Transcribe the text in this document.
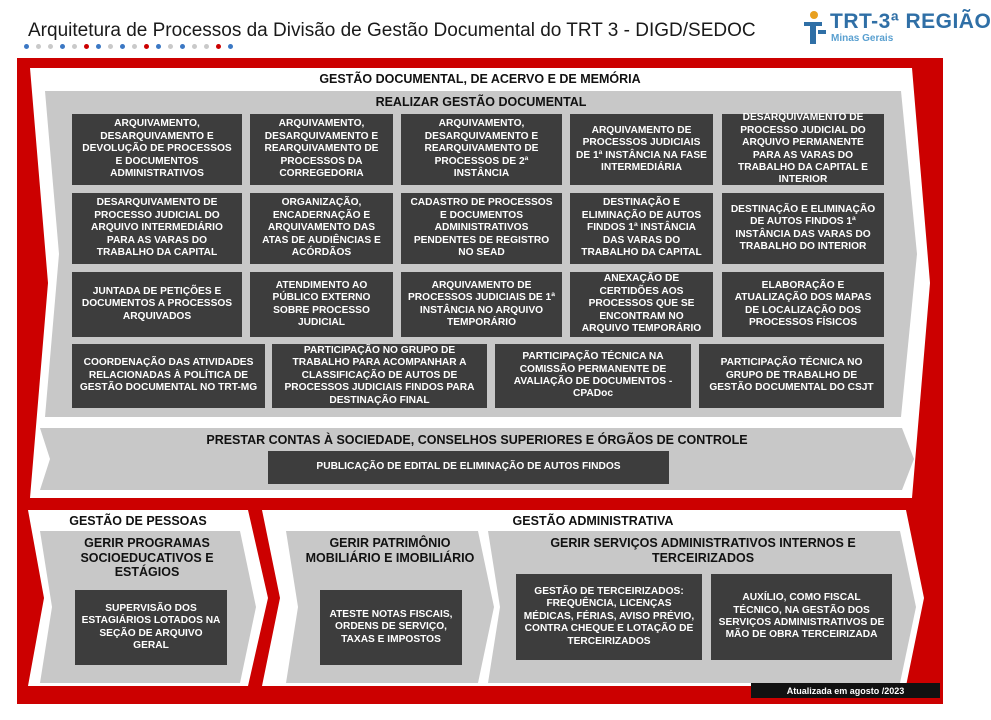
Arquitetura de Processos da Divisão de Gestão Documental do TRT 3 - DIGD/SEDOC	TRT-3ª REGIÃO
Minas Gerais
GESTÃO DOCUMENTAL, DE ACERVO E DE MEMÓRIA
REALIZAR GESTÃO DOCUMENTAL
ARQUIVAMENTO, DESARQUIVAMENTO E DEVOLUÇÃO DE PROCESSOS E DOCUMENTOS ADMINISTRATIVOS
ARQUIVAMENTO, DESARQUIVAMENTO E REARQUIVAMENTO DE PROCESSOS DA CORREGEDORIA
ARQUIVAMENTO, DESARQUIVAMENTO E REARQUIVAMENTO DE PROCESSOS DE 2ª INSTÂNCIA
ARQUIVAMENTO DE PROCESSOS JUDICIAIS DE 1ª INSTÂNCIA NA FASE INTERMEDIÁRIA
DESARQUIVAMENTO DE PROCESSO JUDICIAL DO ARQUIVO PERMANENTE PARA AS VARAS DO TRABALHO DA CAPITAL E INTERIOR
DESARQUIVAMENTO DE PROCESSO JUDICIAL DO ARQUIVO INTERMEDIÁRIO PARA AS VARAS DO TRABALHO DA CAPITAL
ORGANIZAÇÃO, ENCADERNAÇÃO E ARQUIVAMENTO DAS ATAS DE AUDIÊNCIAS E ACÓRDÃOS
CADASTRO DE PROCESSOS E DOCUMENTOS ADMINISTRATIVOS PENDENTES DE REGISTRO NO SEAD
DESTINAÇÃO E ELIMINAÇÃO DE AUTOS FINDOS 1ª INSTÂNCIA DAS VARAS DO TRABALHO DA CAPITAL
DESTINAÇÃO E ELIMINAÇÃO DE AUTOS FINDOS 1ª INSTÂNCIA DAS VARAS DO TRABALHO DO INTERIOR
JUNTADA DE PETIÇÕES E DOCUMENTOS A PROCESSOS ARQUIVADOS
ATENDIMENTO AO PÚBLICO EXTERNO SOBRE PROCESSO JUDICIAL
ARQUIVAMENTO DE PROCESSOS JUDICIAIS DE 1ª INSTÂNCIA NO ARQUIVO TEMPORÁRIO
ANEXAÇÃO DE CERTIDÕES AOS PROCESSOS QUE SE ENCONTRAM NO ARQUIVO TEMPORÁRIO
ELABORAÇÃO E ATUALIZAÇÃO DOS MAPAS DE LOCALIZAÇÃO DOS PROCESSOS FÍSICOS
COORDENAÇÃO DAS ATIVIDADES RELACIONADAS À POLÍTICA DE GESTÃO DOCUMENTAL NO TRT-MG
PARTICIPAÇÃO NO GRUPO DE TRABALHO PARA ACOMPANHAR A CLASSIFICAÇÃO DE AUTOS DE PROCESSOS JUDICIAIS FINDOS PARA DESTINAÇÃO FINAL
PARTICIPAÇÃO TÉCNICA NA COMISSÃO PERMANENTE DE AVALIAÇÃO DE DOCUMENTOS - CPADoc
PARTICIPAÇÃO TÉCNICA NO GRUPO DE TRABALHO DE GESTÃO DOCUMENTAL DO CSJT
PRESTAR CONTAS À SOCIEDADE, CONSELHOS SUPERIORES E ÓRGÃOS DE CONTROLE
PUBLICAÇÃO DE EDITAL DE ELIMINAÇÃO DE AUTOS FINDOS
GESTÃO DE PESSOAS
GERIR PROGRAMAS SOCIOEDUCATIVOS E ESTÁGIOS
SUPERVISÃO DOS ESTAGIÁRIOS LOTADOS NA SEÇÃO DE ARQUIVO GERAL
GESTÃO ADMINISTRATIVA
GERIR PATRIMÔNIO MOBILIÁRIO E IMOBILIÁRIO
ATESTE NOTAS FISCAIS, ORDENS DE SERVIÇO, TAXAS E IMPOSTOS
GERIR SERVIÇOS ADMINISTRATIVOS INTERNOS E TERCEIRIZADOS
GESTÃO DE TERCEIRIZADOS: FREQUÊNCIA, LICENÇAS MÉDICAS, FÉRIAS, AVISO PRÉVIO, CONTRA CHEQUE E LOTAÇÃO DE TERCEIRIZADOS
AUXÍLIO, COMO FISCAL TÉCNICO, NA GESTÃO DOS SERVIÇOS ADMINISTRATIVOS DE MÃO DE OBRA TERCEIRIZADA
Atualizada em agosto /2023
